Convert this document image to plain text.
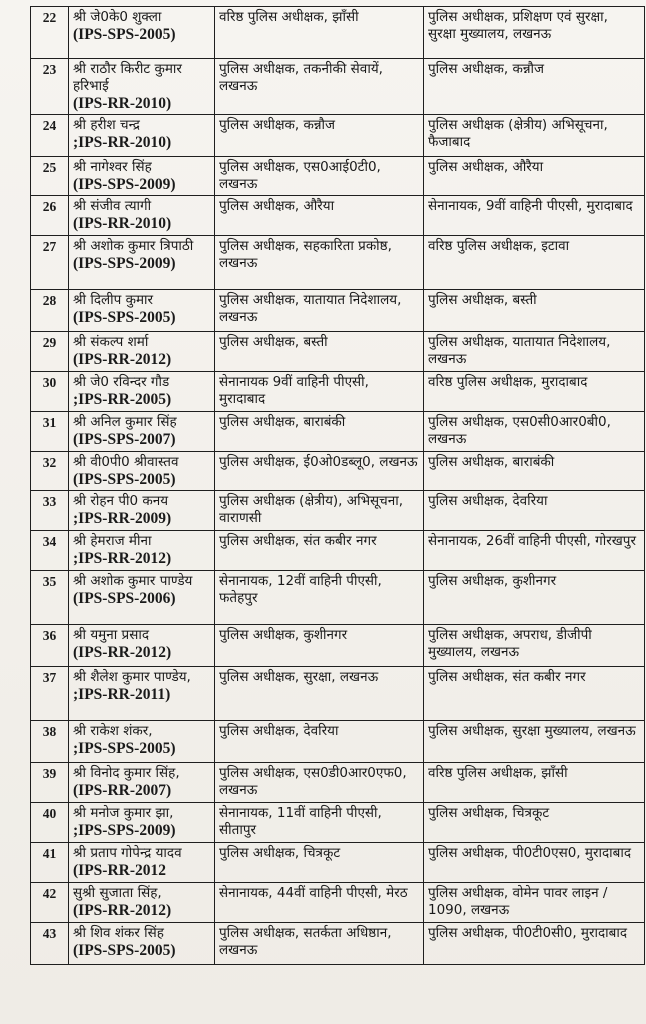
22	श्री जे0के0 शुक्ला
(IPS-SPS-2005)	वरिष्ठ पुलिस अधीक्षक, झाँसी	पुलिस अधीक्षक, प्रशिक्षण एवं सुरक्षा, सुरक्षा मुख्यालय, लखनऊ

23	श्री राठौर किरीट कुमार हरिभाई
(IPS-RR-2010)	पुलिस अधीक्षक, तकनीकी सेवायें, लखनऊ	पुलिस अधीक्षक, कन्नौज

24	श्री हरीश चन्द्र
;IPS-RR-2010)	पुलिस अधीक्षक, कन्नौज	पुलिस अधीक्षक (क्षेत्रीय) अभिसूचना, फैजाबाद

25	श्री नागेश्वर सिंह
(IPS-SPS-2009)	पुलिस अधीक्षक, एस0आई0टी0, लखनऊ	पुलिस अधीक्षक, औरैया

26	श्री संजीव त्यागी
(IPS-RR-2010)	पुलिस अधीक्षक, औरैया	सेनानायक, 9वीं वाहिनी पीएसी, मुरादाबाद

27	श्री अशोक कुमार त्रिपाठी
(IPS-SPS-2009)	पुलिस अधीक्षक, सहकारिता प्रकोष्ठ, लखनऊ	वरिष्ठ पुलिस अधीक्षक, इटावा

28	श्री दिलीप कुमार
(IPS-SPS-2005)	पुलिस अधीक्षक, यातायात निदेशालय, लखनऊ	पुलिस अधीक्षक, बस्ती

29	श्री संकल्प शर्मा
(IPS-RR-2012)	पुलिस अधीक्षक, बस्ती	पुलिस अधीक्षक, यातायात निदेशालय, लखनऊ

30	श्री जे0 रविन्दर गौड
;IPS-RR-2005)	सेनानायक 9वीं वाहिनी पीएसी, मुरादाबाद	वरिष्ठ पुलिस अधीक्षक, मुरादाबाद

31	श्री अनिल कुमार सिंह
(IPS-SPS-2007)	पुलिस अधीक्षक, बाराबंकी	पुलिस अधीक्षक, एस0सी0आर0बी0, लखनऊ

32	श्री वी0पी0 श्रीवास्तव
(IPS-SPS-2005)	पुलिस अधीक्षक, ई0ओ0डब्लू0, लखनऊ	पुलिस अधीक्षक, बाराबंकी

33	श्री रोहन पी0 कनय
;IPS-RR-2009)	पुलिस अधीक्षक (क्षेत्रीय), अभिसूचना, वाराणसी	पुलिस अधीक्षक, देवरिया

34	श्री हेमराज मीना
;IPS-RR-2012)	पुलिस अधीक्षक, संत कबीर नगर	सेनानायक, 26वीं वाहिनी पीएसी, गोरखपुर

35	श्री अशोक कुमार पाण्डेय
(IPS-SPS-2006)	सेनानायक, 12वीं वाहिनी पीएसी, फतेहपुर	पुलिस अधीक्षक, कुशीनगर

36	श्री यमुना प्रसाद
(IPS-RR-2012)	पुलिस अधीक्षक, कुशीनगर	पुलिस अधीक्षक, अपराध, डीजीपी मुख्यालय, लखनऊ

37	श्री शैलेश कुमार पाण्डेय,
;IPS-RR-2011)	पुलिस अधीक्षक, सुरक्षा, लखनऊ	पुलिस अधीक्षक, संत कबीर नगर

38	श्री राकेश शंकर,
;IPS-SPS-2005)	पुलिस अधीक्षक, देवरिया	पुलिस अधीक्षक, सुरक्षा मुख्यालय, लखनऊ

39	श्री विनोद कुमार सिंह,
(IPS-RR-2007)	पुलिस अधीक्षक, एस0डी0आर0एफ0, लखनऊ	वरिष्ठ पुलिस अधीक्षक, झाँसी

40	श्री मनोज कुमार झा,
;IPS-SPS-2009)	सेनानायक, 11वीं वाहिनी पीएसी, सीतापुर	पुलिस अधीक्षक, चित्रकूट

41	श्री प्रताप गोपेन्द्र यादव
(IPS-RR-2012	पुलिस अधीक्षक, चित्रकूट	पुलिस अधीक्षक, पी0टी0एस0, मुरादाबाद

42	सुश्री सुजाता सिंह,
(IPS-RR-2012)	सेनानायक, 44वीं वाहिनी पीएसी, मेरठ	पुलिस अधीक्षक, वोमेन पावर लाइन / 1090, लखनऊ

43	श्री शिव शंकर सिंह
(IPS-SPS-2005)	पुलिस अधीक्षक, सतर्कता अधिष्ठान, लखनऊ	पुलिस अधीक्षक, पी0टी0सी0, मुरादाबाद
